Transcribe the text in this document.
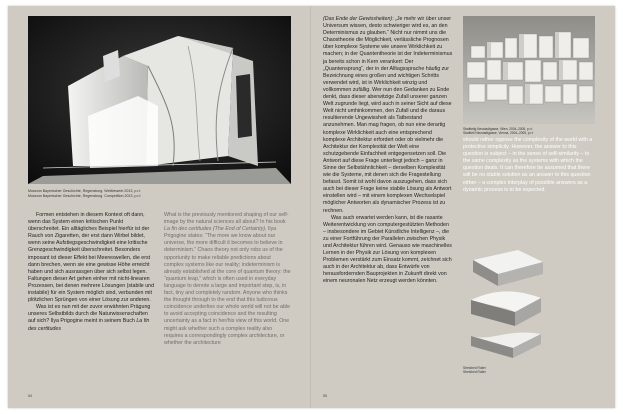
Museum Bayerischer Geschichte, Regensburg. Wettbewerb 2013, p.r.t
Museum Bayerischer Geschichte, Regensburg. Competition 2013, p.r.t

Formen entstehen in diesem Kontext oft dann, wenn das System einen kritischen Punkt überschreitet. Ein alltägliches Beispiel hierfür ist der Rauch von Zigaretten, der erst dann Wirbel bildet, wenn seine Aufstiegsgeschwindigkeit eine kritische Grenzgeschwindigkeit überschreitet. Besonders imposant ist dieser Effekt bei Meereswellen, die erst dann brechen, wenn sie eine gewisse Höhe erreicht haben und sich ausrassgen über sich selbst legen. Faltungen dieser Art gehen einher mit nicht-linearen Prozessen, bei denen mehrere Lösungen (stabile und instabile) für ein System möglich sind, verbunden mit plötzlichen Sprüngen von einer Lösung zur anderen.

Was ist es nun mit der zuvor erwähnten Prägung unseres Selbstbilds durch die Naturwissenschaften auf sich? Ilya Prigogine meint in seinem Buch La fin des certitudes

What is the previously mentioned shaping of our self-image by the natural sciences all about? In his book La fin des certitudes (The End of Certainty), Ilya Prigogine states: “The more we know about our universe, the more difficult it becomes to believe in determinism.” Chaos theory not only robs us of the opportunity to make reliable predictions about complex systems like our reality; indeterminism is already established at the core of quantum theory: the “quantum leap,” which is often used in everyday language to denote a large and important step, is, in fact, tiny and completely random. Anyone who thinks the thought through to the end that this ludicrous coincidence underlies our whole world will not be able to avoid accepting coincidence and the resulting uncertainty as a fact in her/his view of this world. One might ask whether such a complex reality also requires a correspondingly complex architecture, or whether the architecture

54

(Das Ende der Gewissheiten): „Je mehr wir über unser Universum wissen, desto schwieriger wird es, an den Determinismus zu glauben.“ Nicht nur nimmt uns die Chaostheorie die Möglichkeit, verlässliche Prognosen über komplexe Systeme wie unsere Wirklichkeit zu machen; in der Quantentheorie ist der Indeterminismus ja bereits schon in Kern verankert: Der „Quantensprung“, der in der Alltagssprache häufig zur Bezeichnung eines großen und wichtigen Schritts verwendet wird, ist in Wirklichkeit winzig und vollkommen zufällig. Wer nun den Gedanken zu Ende denkt, dass dieser aberwitzige Zufall unserer ganzen Welt zugrunde liegt, wird auch in seiner Sicht auf diese Welt nicht umhinkommen, den Zufall und die daraus resultierende Ungewissheit als Tatbestand anzunehmen. Man mag fragen, ob nun eine derartig komplexe Wirklichkeit auch eine entsprechend komplexe Architektur erfordert oder ob vielmehr die Architektur der Komplexität der Welt eine schutzgebende Einfachheit entgegensetzen soll. Die Antwort auf diese Frage unterliegt jedoch – ganz in Sinne der Selbstähnlichkeit – derselben Komplexität wie die Systeme, mit denen sich die Fragestellung befasst. Somit ist wohl davon auszugehen, dass sich auch bei dieser Frage keine stabile Lösung als Antwort einstellen wird – mit einem komplexen Wechselspiel möglicher Antworten als dynamischer Prozess ist zu rechnen.

Was auch erwartet werden kann, ist die rasante Weiterentwicklung von computergestützten Methoden – insbesondere im Gebiet Künstliche Intelligenz –, die zu einer Fortführung der Parallelen zwischen Physik und Architektur führen wird. Genauso wie maschinelles Lernen in der Physik zur Lösung von komplexen Problemen verstärkt zum Einsatz kommt, zeichnet sich auch in der Architektur ab, dass Entwürfe von herausfordernden Bauprojekten in Zukunft direkt von einem neuronalen Netz erzeugt werden könnten.

Stadtteilg Neustadtgasse, Wien, 2004–2005, p.r.t
Stadtteil Neustadtgasse, Vienna, 2004–2005, p.r.t

should rather oppose the complexity of the world with a protective simplicity. However, the answer to this question is subject – in the sense of self-similarity – to the same complexity as the systems with which the question deals. It can therefore be assumed that there will be no stable solution as an answer to this question either – a complex interplay of possible answers as a dynamic process is to be expected.

Stretched Roller
Stretched Roller
55
